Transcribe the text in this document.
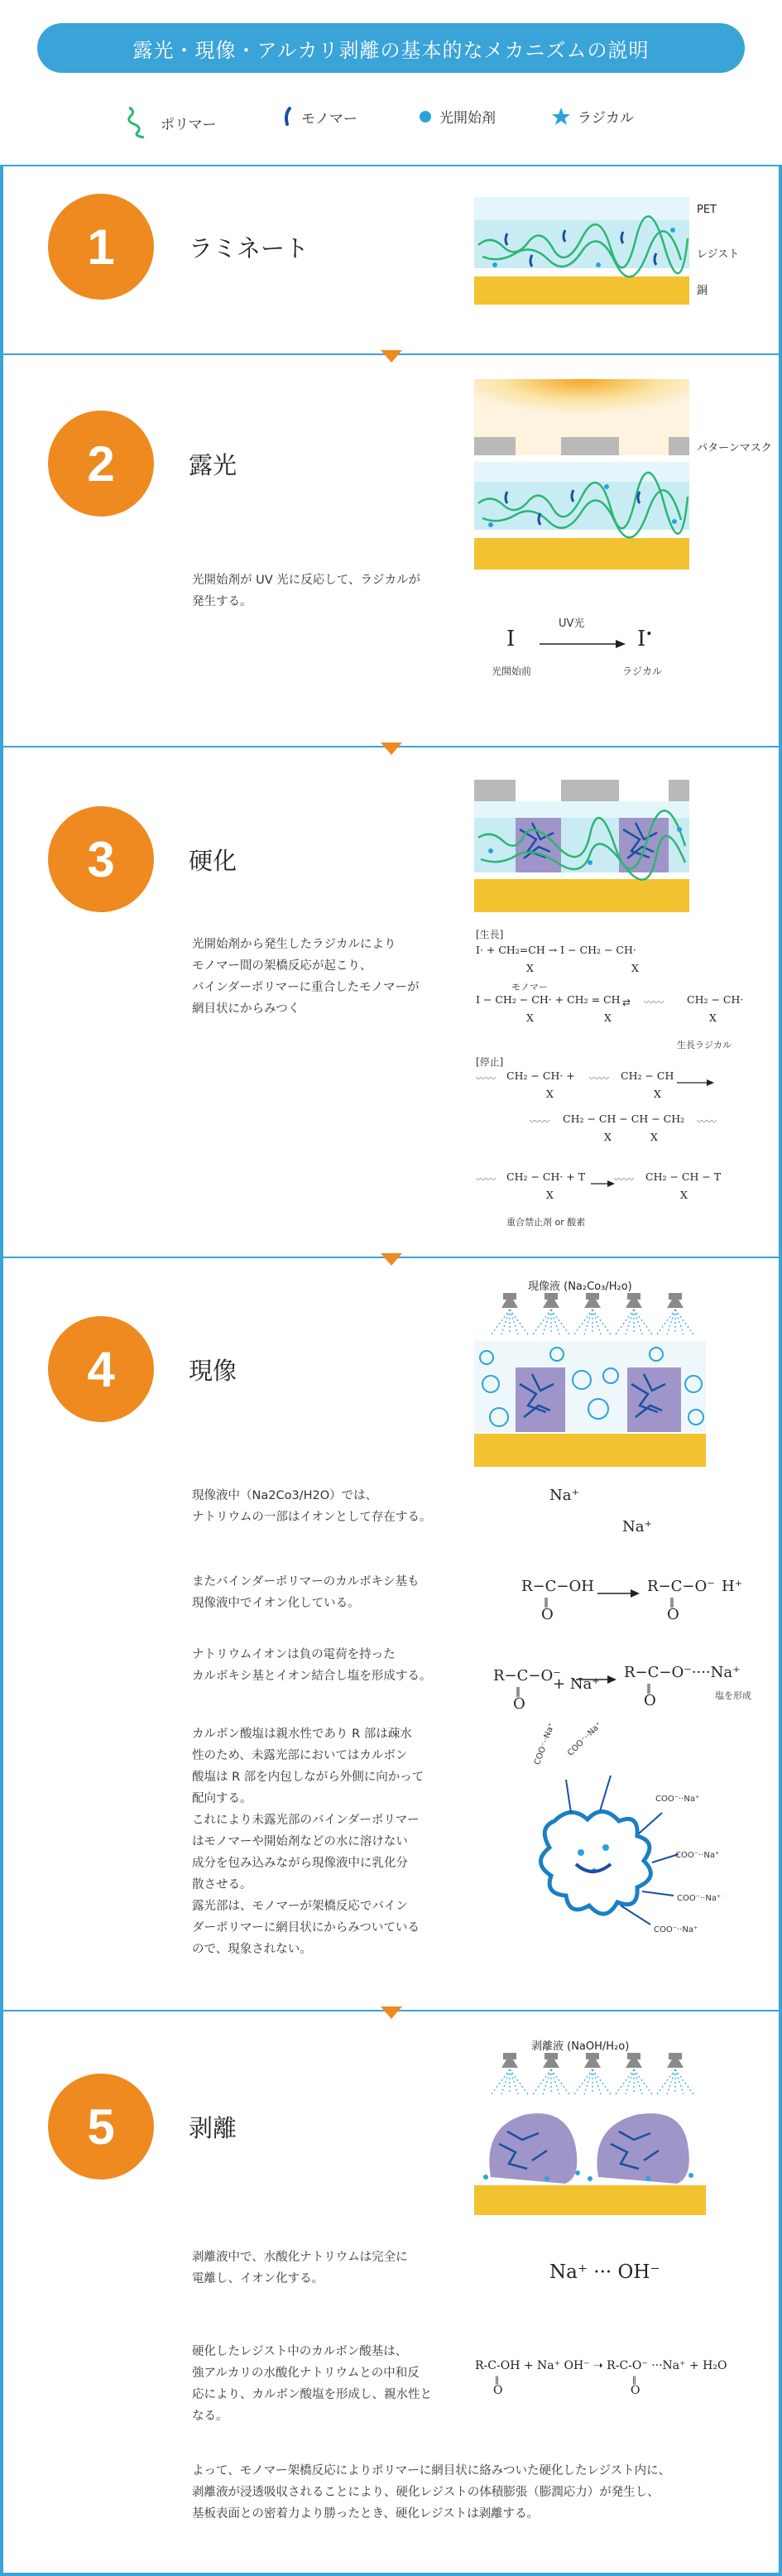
露光・現像・アルカリ剥離の基本的なメカニズムの説明
ポリマー	モノマー	光開始剤	ラジカル
1	ラミネート
PET
レジスト
銅
2	露光
光開始剤が UV 光に反応して、ラジカルが
発生する。
パターンマスク
I
UV光
I•
光開始前	ラジカル
3	硬化
光開始剤から発生したラジカルにより
モノマー間の架橋反応が起こり、
バインダーポリマーに重合したモノマーが
網目状にからみつく
[生長]
I· + CH₂=CH → I − CH₂ − CH·
X	X
モノマー
I − CH₂ − CH· + CH₂ = CH ⇄ 〰〰 CH₂ − CH·
X	X	X
生長ラジカル
[停止]
〰〰 CH₂ − CH· + 〰〰 CH₂ − CH
X	X
〰〰 CH₂ − CH − CH − CH₂ 〰〰
X	X
〰〰 CH₂ − CH· + T	〰〰 CH₂ − CH − T
X	X
重合禁止剤 or 酸素
4	現像
現像液 (Na₂Co₃/H₂o)
現像液中（Na2Co3/H2O）では、
ナトリウムの一部はイオンとして存在する。
またバインダーポリマーのカルボキシ基も
現像液中でイオン化している。
ナトリウムイオンは負の電荷を持った
カルボキシ基とイオン結合し塩を形成する。
カルボン酸塩は親水性であり R 部は疎水
性のため、未露光部においてはカルボン
酸塩は R 部を内包しながら外側に向かって
配向する。
これにより未露光部のバインダーポリマー
はモノマーや開始剤などの水に溶けない
成分を包み込みながら現像液中に乳化分
散させる。
露光部は、モノマーが架橋反応でバイン
ダーポリマーに網目状にからみついている
ので、現象されない。
Na⁺
Na⁺
R−C−OH
‖
O
→ R−C−O⁻
‖
O
H⁺
R−C−O⁻
‖
O
+ Na⁺
→ R−C−O⁻····Na⁺
‖
O	塩を形成
COO⁻··Na⁺ COO⁻··Na⁺
COO⁻··Na⁺
COO⁻··Na⁺
COO⁻··Na⁺
COO⁻··Na⁺
5	剥離
剥離液 (NaOH/H₂o)
剥離液中で、水酸化ナトリウムは完全に
電離し、イオン化する。	Na⁺ ··· OH⁻
硬化したレジスト中のカルボン酸基は、
強アルカリの水酸化ナトリウムとの中和反
応により、カルボン酸塩を形成し、親水性と
なる。
R-C-OH + Na⁺ OH⁻ ➝ R-C-O⁻ ···Na⁺ + H₂O
‖
O
‖
O
よって、モノマー架橋反応によりポリマーに網目状に絡みついた硬化したレジスト内に、
剥離液が浸透吸収されることにより、硬化レジストの体積膨張（膨潤応力）が発生し、
基板表面との密着力より勝ったとき、硬化レジストは剥離する。
